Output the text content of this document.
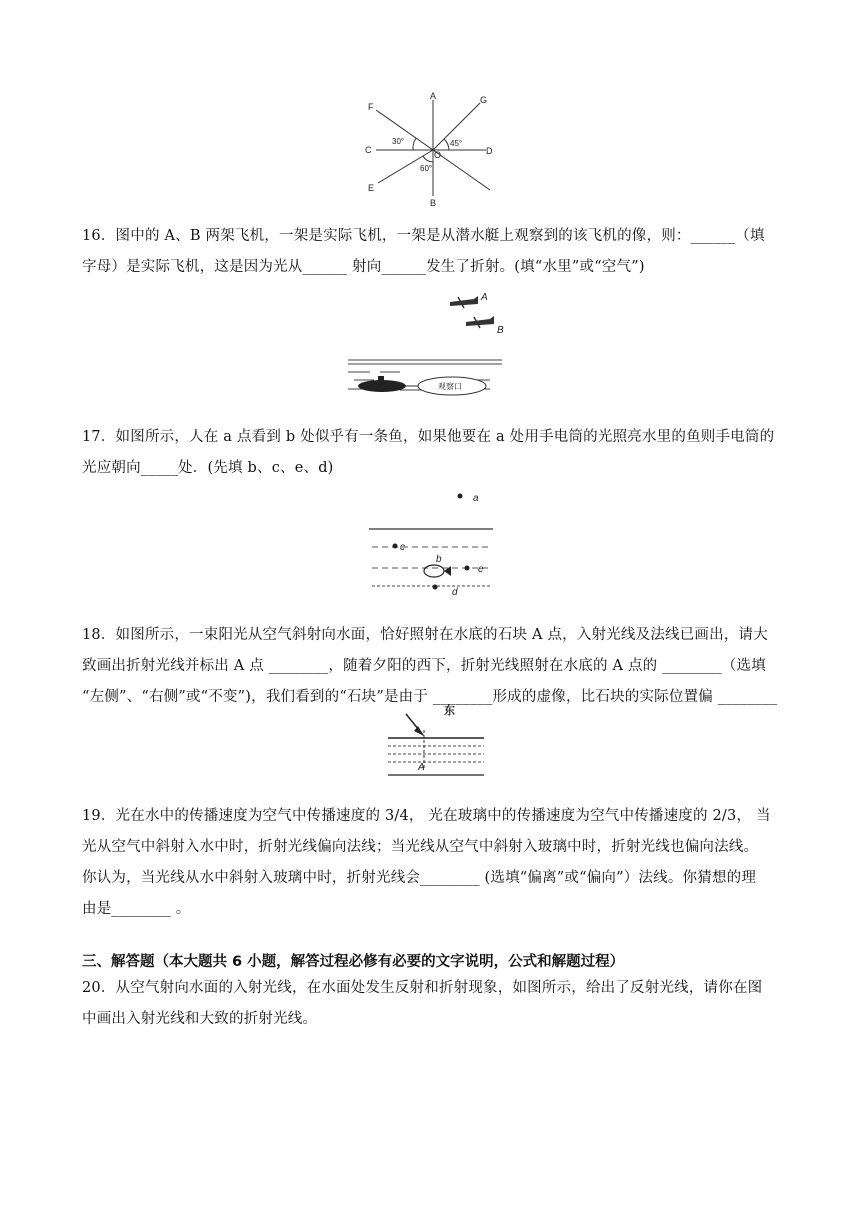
A	G
F
C	D
E
B
O
30°	45°
60°

16．图中的 A、B 两架飞机，一架是实际飞机，一架是从潜水艇上观察到的该飞机的像，则：______（填
字母）是实际飞机，这是因为光从______ 射向______发生了折射。(填“水里”或“空气”)

A
B
观察口

17．如图所示，人在 a 点看到 b 处似乎有一条鱼，如果他要在 a 处用手电筒的光照亮水里的鱼则手电筒的
光应朝向_____处．(先填 b、c、e、d)

a
c
b
e
d

18．如图所示，一束阳光从空气斜射向水面，恰好照射在水底的石块 A 点，入射光线及法线已画出，请大
致画出折射光线并标出 A 点 ________，随着夕阳的西下，折射光线照射在水底的 A 点的 ________（选填
“左侧”、“右侧”或“不变”)，我们看到的“石块”是由于 ________形成的虚像，比石块的实际位置偏 ________

东
A

19．光在水中的传播速度为空气中传播速度的 3/4， 光在玻璃中的传播速度为空气中传播速度的 2/3， 当
光从空气中斜射入水中时，折射光线偏向法线；当光线从空气中斜射入玻璃中时，折射光线也偏向法线。
你认为，当光线从水中斜射入玻璃中时，折射光线会________ (选填“偏离”或“偏向”）法线。你猜想的理
由是________ 。

三、解答题（本大题共 6 小题，解答过程必修有必要的文字说明，公式和解题过程）

20．从空气射向水面的入射光线，在水面处发生反射和折射现象，如图所示，给出了反射光线，请你在图
中画出入射光线和大致的折射光线。
